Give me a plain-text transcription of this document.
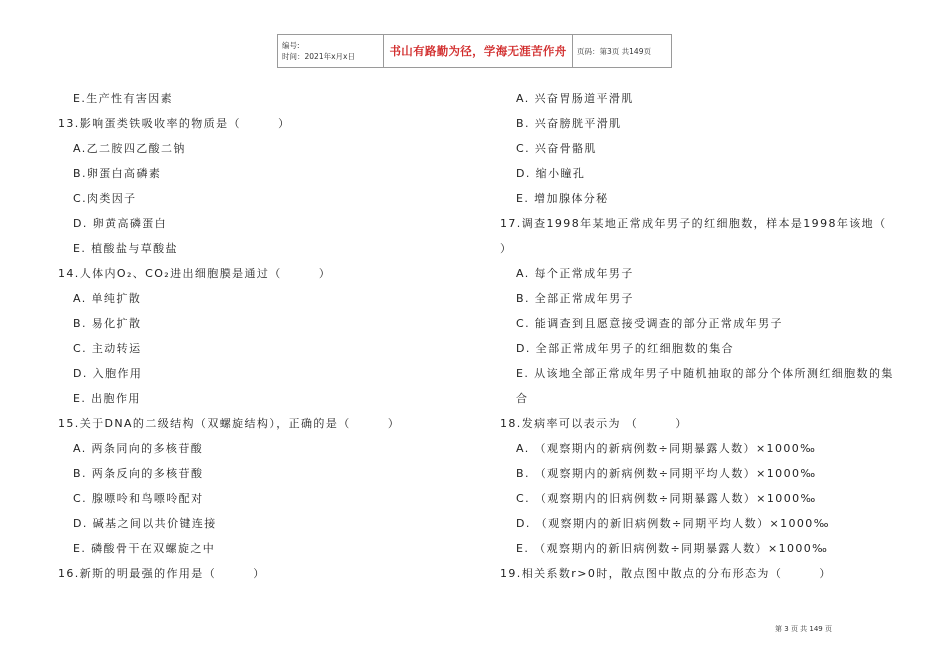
编号:
时间：2021年x月x日	书山有路勤为径，学海无涯苦作舟	页码：第3页 共149页
E.生产性有害因素
13.影响蛋类铁吸收率的物质是（　　　）
A.乙二胺四乙酸二钠
B.卵蛋白高磷素
C.肉类因子
D. 卵黄高磷蛋白
E. 植酸盐与草酸盐
14.人体内O₂、CO₂进出细胞膜是通过（　　　）
A. 单纯扩散
B. 易化扩散
C. 主动转运
D. 入胞作用
E. 出胞作用
15.关于DNA的二级结构（双螺旋结构），正确的是（　　　）
A. 两条同向的多核苷酸
B. 两条反向的多核苷酸
C. 腺嘌呤和鸟嘌呤配对
D. 碱基之间以共价键连接
E. 磷酸骨干在双螺旋之中
16.新斯的明最强的作用是（　　　）
A. 兴奋胃肠道平滑肌
B. 兴奋膀胱平滑肌
C. 兴奋骨骼肌
D. 缩小瞳孔
E. 增加腺体分秘
17.调查1998年某地正常成年男子的红细胞数，样本是1998年该地（
）
A. 每个正常成年男子
B. 全部正常成年男子
C. 能调查到且愿意接受调查的部分正常成年男子
D. 全部正常成年男子的红细胞数的集合
E. 从该地全部正常成年男子中随机抽取的部分个体所测红细胞数的集
合
18.发病率可以表示为 （　　　）
A. （观察期内的新病例数÷同期暴露人数）×1000‰
B. （观察期内的新病例数÷同期平均人数）×1000‰
C. （观察期内的旧病例数÷同期暴露人数）×1000‰
D. （观察期内的新旧病例数÷同期平均人数）×1000‰
E. （观察期内的新旧病例数÷同期暴露人数）×1000‰
19.相关系数r>0时，散点图中散点的分布形态为（　　　）
第 3 页 共 149 页
